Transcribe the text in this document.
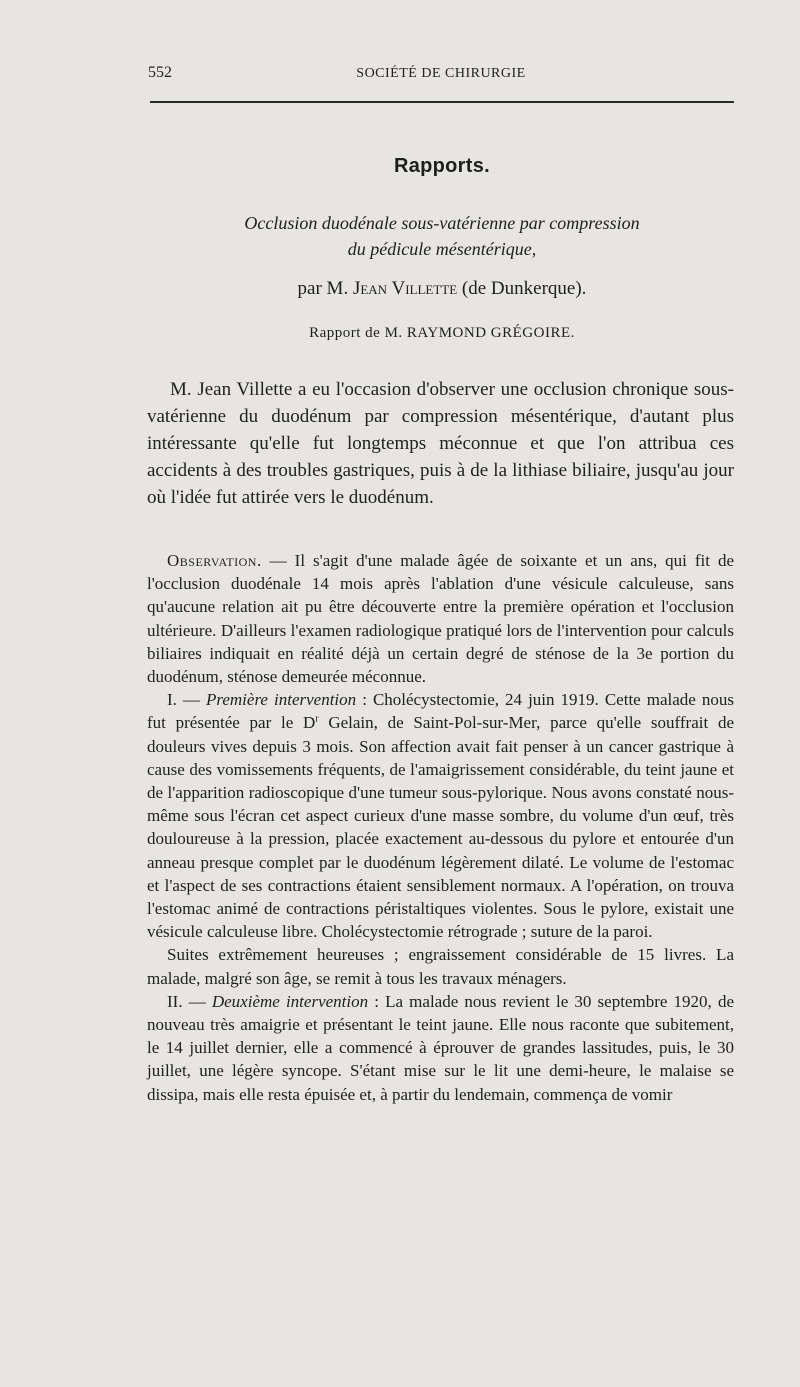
552	SOCIÉTÉ DE CHIRURGIE
Rapports.
Occlusion duodénale sous-vatérienne par compression
du pédicule mésentérique,
par M. Jean Villette (de Dunkerque).
Rapport de M. RAYMOND GRÉGOIRE.
M. Jean Villette a eu l'occasion d'observer une occlusion chronique sous-vatérienne du duodénum par compression mésentérique, d'autant plus intéressante qu'elle fut longtemps méconnue et que l'on attribua ces accidents à des troubles gastriques, puis à de la lithiase biliaire, jusqu'au jour où l'idée fut attirée vers le duodénum.

Observation. — Il s'agit d'une malade âgée de soixante et un ans, qui fit de l'occlusion duodénale 14 mois après l'ablation d'une vésicule calculeuse, sans qu'aucune relation ait pu être découverte entre la première opération et l'occlusion ultérieure. D'ailleurs l'examen radiologique pratiqué lors de l'intervention pour calculs biliaires indiquait en réalité déjà un certain degré de sténose de la 3e portion du duodénum, sténose demeurée méconnue.

I. — Première intervention : Cholécystectomie, 24 juin 1919. Cette malade nous fut présentée par le $D^r$ Gelain, de Saint-Pol-sur-Mer, parce qu'elle souffrait de douleurs vives depuis 3 mois. Son affection avait fait penser à un cancer gastrique à cause des vomissements fréquents, de l'amaigrissement considérable, du teint jaune et de l'apparition radioscopique d'une tumeur sous-pylorique. Nous avons constaté nous-même sous l'écran cet aspect curieux d'une masse sombre, du volume d'un œuf, très douloureuse à la pression, placée exactement au-dessous du pylore et entourée d'un anneau presque complet par le duodénum légèrement dilaté. Le volume de l'estomac et l'aspect de ses contractions étaient sensiblement normaux. A l'opération, on trouva l'estomac animé de contractions péristaltiques violentes. Sous le pylore, existait une vésicule calculeuse libre. Cholécystectomie rétrograde ; suture de la paroi.

Suites extrêmement heureuses ; engraissement considérable de 15 livres. La malade, malgré son âge, se remit à tous les travaux ménagers.

II. — Deuxième intervention : La malade nous revient le 30 septembre 1920, de nouveau très amaigrie et présentant le teint jaune. Elle nous raconte que subitement, le 14 juillet dernier, elle a commencé à éprouver de grandes lassitudes, puis, le 30 juillet, une légère syncope. S'étant mise sur le lit une demi-heure, le malaise se dissipa, mais elle resta épuisée et, à partir du lendemain, commença de vomir
